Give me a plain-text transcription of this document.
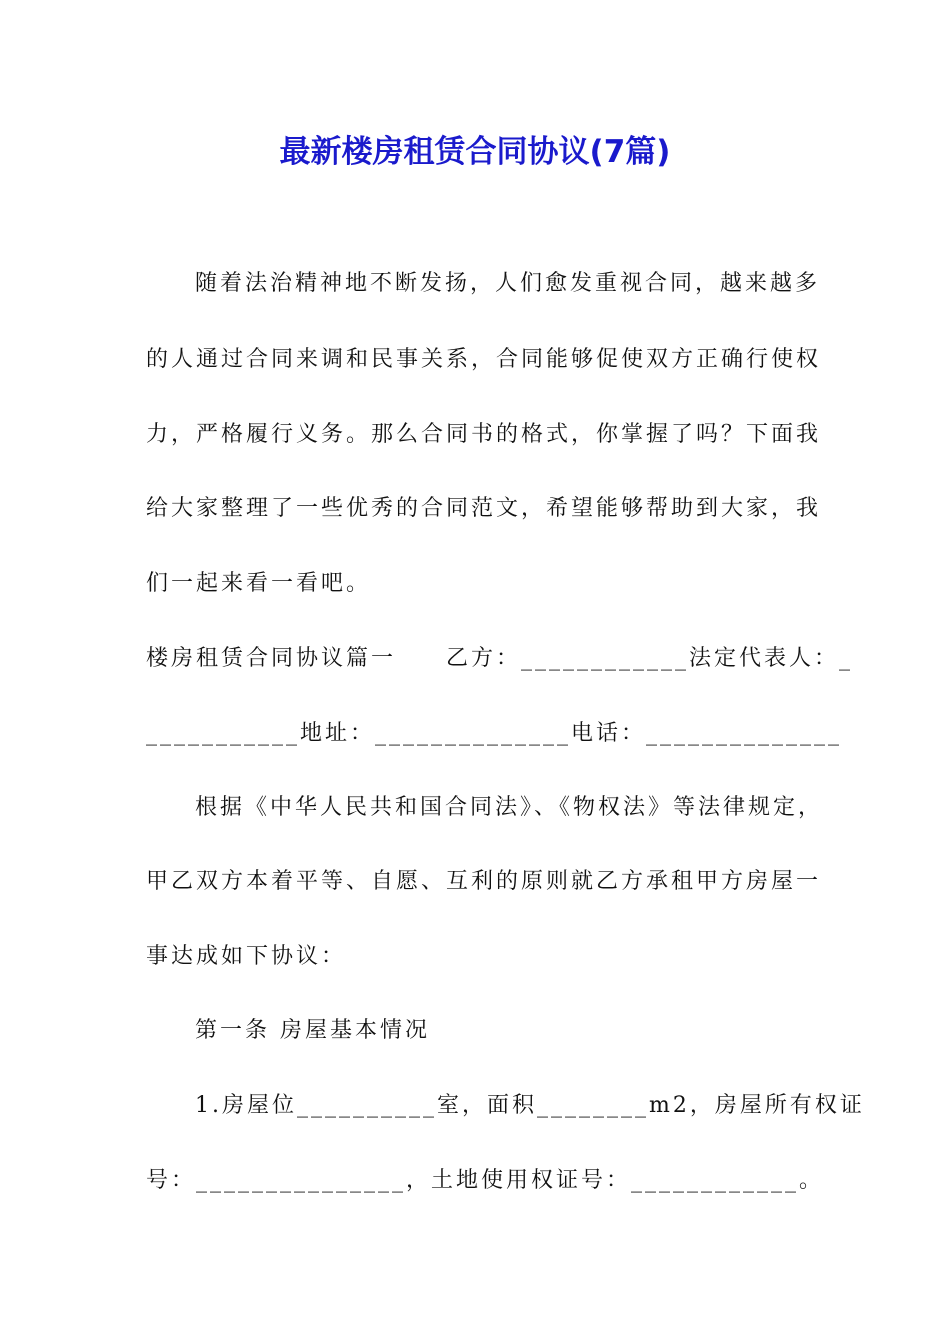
最新楼房租赁合同协议(7篇)
随着法治精神地不断发扬，人们愈发重视合同，越来越多
的人通过合同来调和民事关系，合同能够促使双方正确行使权
力，严格履行义务。那么合同书的格式，你掌握了吗？下面我
给大家整理了一些优秀的合同范文，希望能够帮助到大家，我
们一起来看一看吧。
楼房租赁合同协议篇一　　乙方：____________法定代表人：_
___________地址：______________电话：______________
根据《中华人民共和国合同法》、《物权法》等法律规定，
甲乙双方本着平等、自愿、互利的原则就乙方承租甲方房屋一
事达成如下协议：
第一条 房屋基本情况
1.房屋位__________室，面积________m2，房屋所有权证
号：_______________，土地使用权证号：____________。
